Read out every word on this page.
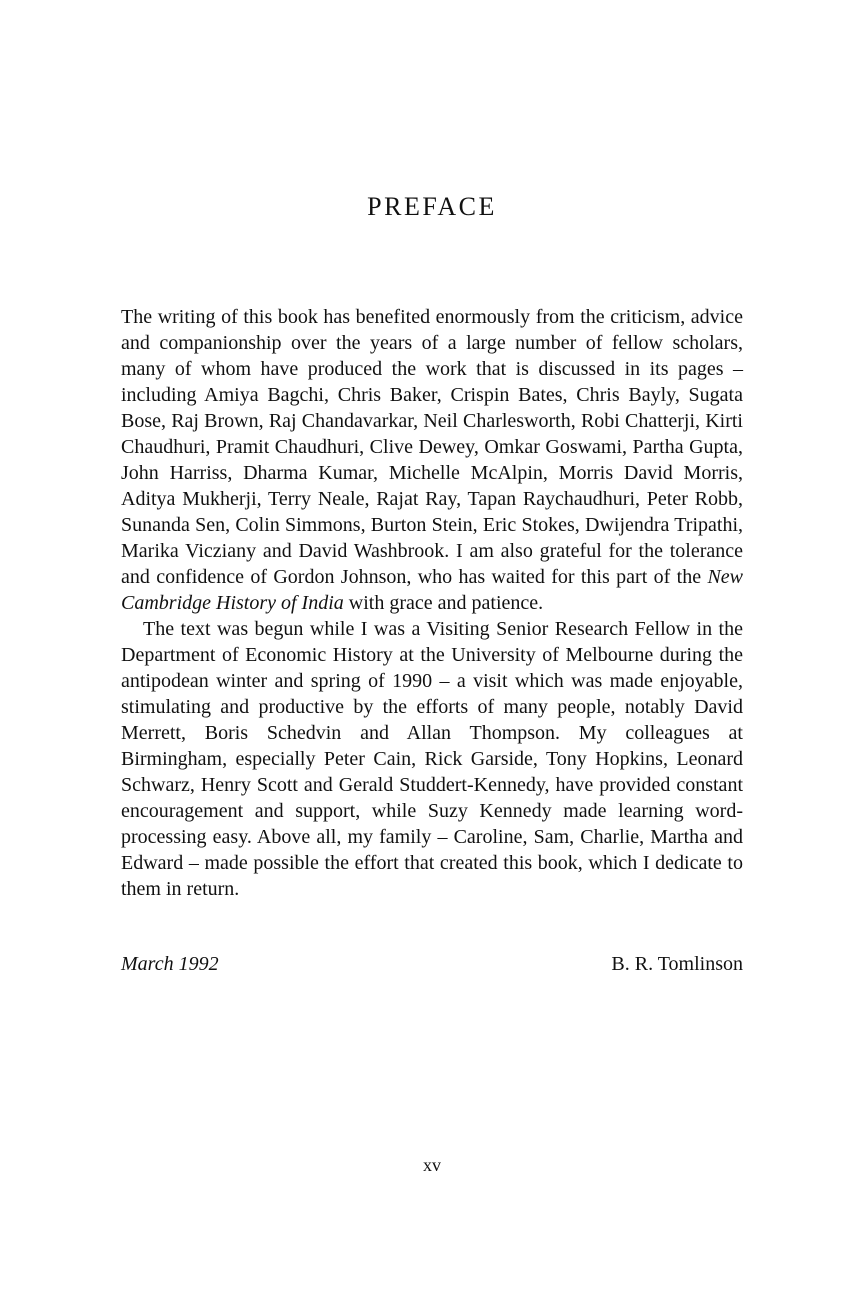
PREFACE

The writing of this book has benefited enormously from the criticism, advice and companionship over the years of a large number of fellow scholars, many of whom have produced the work that is discussed in its pages – including Amiya Bagchi, Chris Baker, Crispin Bates, Chris Bayly, Sugata Bose, Raj Brown, Raj Chandavarkar, Neil Charlesworth, Robi Chatterji, Kirti Chaudhuri, Pramit Chaudhuri, Clive Dewey, Omkar Goswami, Partha Gupta, John Harriss, Dharma Kumar, Michelle McAlpin, Morris David Morris, Aditya Mukherji, Terry Neale, Rajat Ray, Tapan Raychaudhuri, Peter Robb, Sunanda Sen, Colin Simmons, Burton Stein, Eric Stokes, Dwijendra Tripathi, Marika Vicziany and David Washbrook. I am also grateful for the tolerance and confidence of Gordon Johnson, who has waited for this part of the New Cambridge History of India with grace and patience.

The text was begun while I was a Visiting Senior Research Fellow in the Department of Economic History at the University of Melbourne during the antipodean winter and spring of 1990 – a visit which was made enjoyable, stimulating and productive by the efforts of many people, notably David Merrett, Boris Schedvin and Allan Thompson. My colleagues at Birmingham, especially Peter Cain, Rick Garside, Tony Hopkins, Leonard Schwarz, Henry Scott and Gerald Studdert-Kennedy, have provided constant encouragement and support, while Suzy Kennedy made learning word-processing easy. Above all, my family – Caroline, Sam, Charlie, Martha and Edward – made possible the effort that created this book, which I dedicate to them in return.

March 1992	B. R. Tomlinson
xv
